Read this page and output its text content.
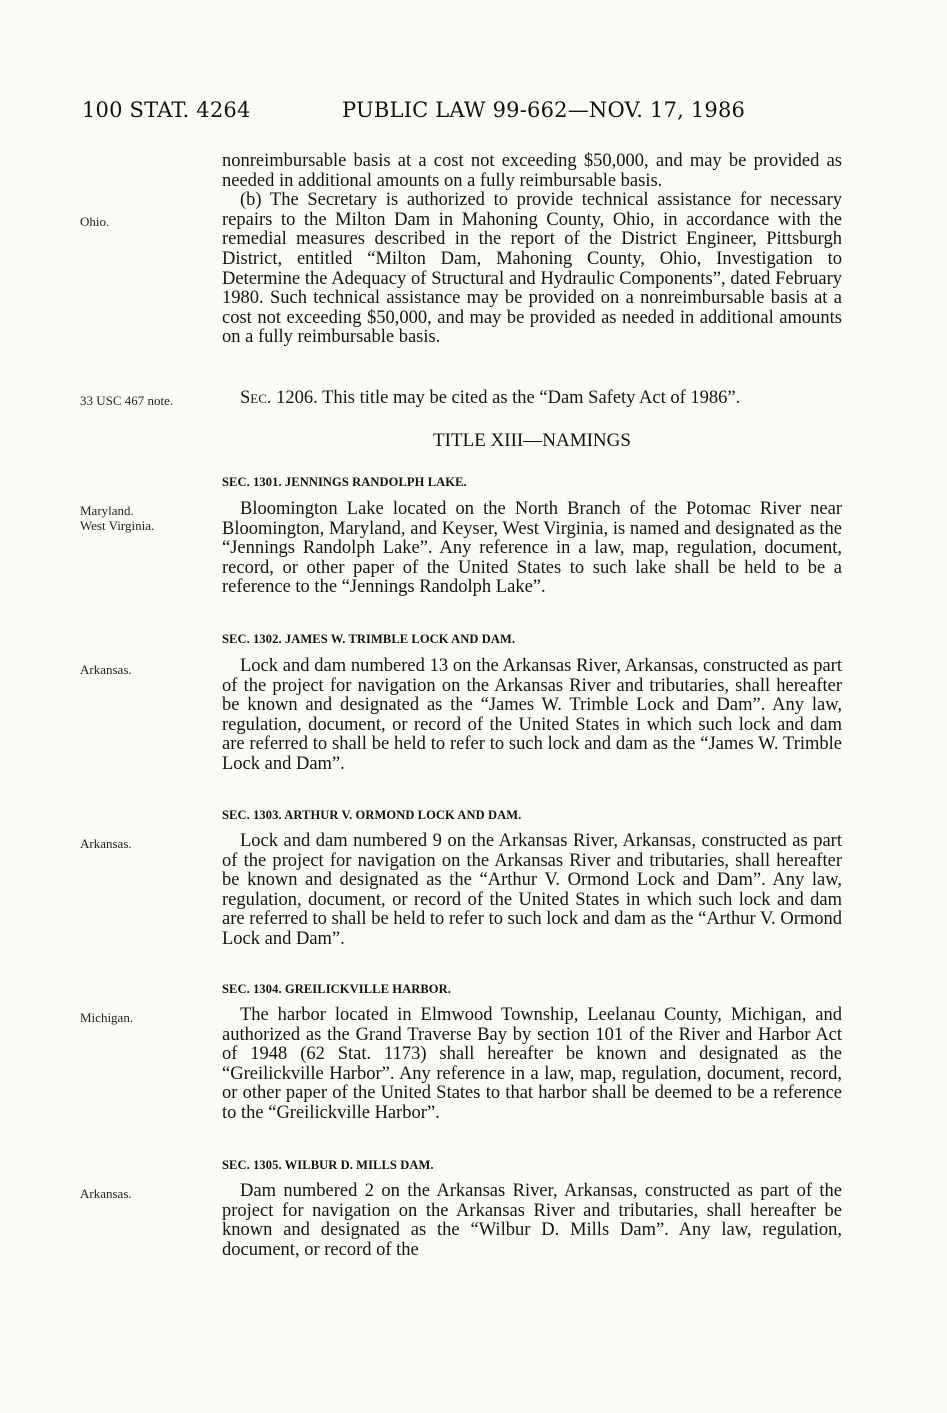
100 STAT. 4264	PUBLIC LAW 99-662—NOV. 17, 1986
Ohio.
33 USC 467 note.
Maryland.
West Virginia.
Arkansas.
Arkansas.
Michigan.
Arkansas.

nonreimbursable basis at a cost not exceeding $50,000, and may be provided as needed in additional amounts on a fully reimbursable basis.

(b) The Secretary is authorized to provide technical assistance for necessary repairs to the Milton Dam in Mahoning County, Ohio, in accordance with the remedial measures described in the report of the District Engineer, Pittsburgh District, entitled “Milton Dam, Mahoning County, Ohio, Investigation to Determine the Adequacy of Structural and Hydraulic Components”, dated February 1980. Such technical assistance may be provided on a nonreimbursable basis at a cost not exceeding $50,000, and may be provided as needed in additional amounts on a fully reimbursable basis.

Sec. 1206. This title may be cited as the “Dam Safety Act of 1986”.

TITLE XIII—NAMINGS
SEC. 1301. JENNINGS RANDOLPH LAKE.

Bloomington Lake located on the North Branch of the Potomac River near Bloomington, Maryland, and Keyser, West Virginia, is named and designated as the “Jennings Randolph Lake”. Any reference in a law, map, regulation, document, record, or other paper of the United States to such lake shall be held to be a reference to the “Jennings Randolph Lake”.

SEC. 1302. JAMES W. TRIMBLE LOCK AND DAM.

Lock and dam numbered 13 on the Arkansas River, Arkansas, constructed as part of the project for navigation on the Arkansas River and tributaries, shall hereafter be known and designated as the “James W. Trimble Lock and Dam”. Any law, regulation, document, or record of the United States in which such lock and dam are referred to shall be held to refer to such lock and dam as the “James W. Trimble Lock and Dam”.

SEC. 1303. ARTHUR V. ORMOND LOCK AND DAM.

Lock and dam numbered 9 on the Arkansas River, Arkansas, constructed as part of the project for navigation on the Arkansas River and tributaries, shall hereafter be known and designated as the “Arthur V. Ormond Lock and Dam”. Any law, regulation, document, or record of the United States in which such lock and dam are referred to shall be held to refer to such lock and dam as the “Arthur V. Ormond Lock and Dam”.

SEC. 1304. GREILICKVILLE HARBOR.

The harbor located in Elmwood Township, Leelanau County, Michigan, and authorized as the Grand Traverse Bay by section 101 of the River and Harbor Act of 1948 (62 Stat. 1173) shall hereafter be known and designated as the “Greilickville Harbor”. Any reference in a law, map, regulation, document, record, or other paper of the United States to that harbor shall be deemed to be a reference to the “Greilickville Harbor”.

SEC. 1305. WILBUR D. MILLS DAM.

Dam numbered 2 on the Arkansas River, Arkansas, constructed as part of the project for navigation on the Arkansas River and tributaries, shall hereafter be known and designated as the “Wilbur D. Mills Dam”. Any law, regulation, document, or record of the
